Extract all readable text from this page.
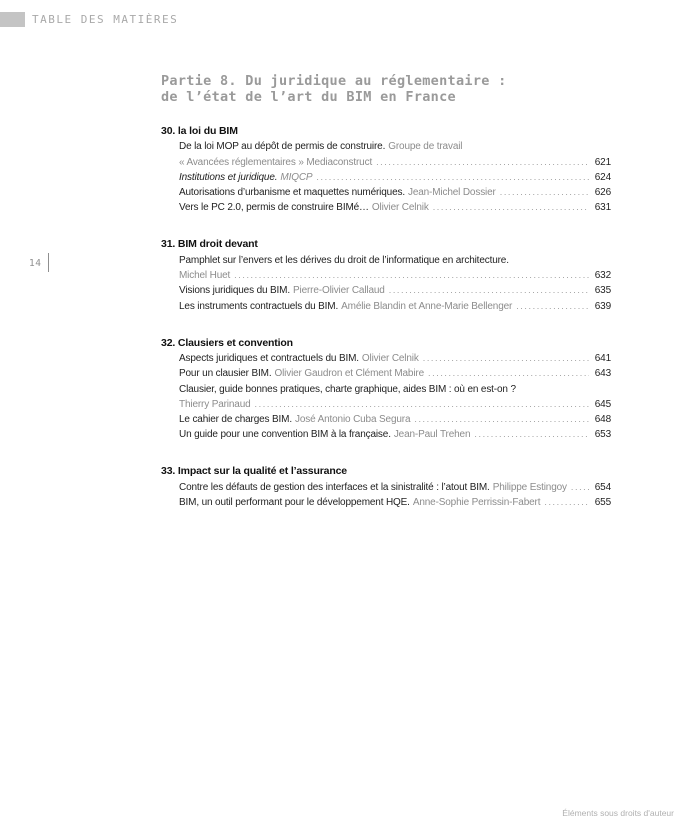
TABLE DES MATIÈRES
14
Partie 8. Du juridique au réglementaire :
de l’état de l’art du BIM en France
30. la loi du BIM
De la loi MOP au dépôt de permis de construire. Groupe de travail
« Avancées réglementaires » Mediaconstruct .....	621
Institutions et juridique. MIQCP .....	624
Autorisations d’urbanisme et maquettes numériques. Jean-Michel Dossier .....	626
Vers le PC 2.0, permis de construire BIMé… Olivier Celnik .....	631
31. BIM droit devant
Pamphlet sur l’envers et les dérives du droit de l’informatique en architecture.
Michel Huet .....	632
Visions juridiques du BIM. Pierre-Olivier Callaud .....	635
Les instruments contractuels du BIM. Amélie Blandin et Anne-Marie Bellenger .....	639
32. Clausiers et convention
Aspects juridiques et contractuels du BIM. Olivier Celnik .....	641
Pour un clausier BIM. Olivier Gaudron et Clément Mabire .....	643
Clausier, guide bonnes pratiques, charte graphique, aides BIM : où en est-on ?
Thierry Parinaud .....	645
Le cahier de charges BIM. José Antonio Cuba Segura .....	648
Un guide pour une convention BIM à la française. Jean-Paul Trehen .....	653
33. Impact sur la qualité et l’assurance
Contre les défauts de gestion des interfaces et la sinistralité : l’atout BIM. Philippe Estingoy .....	654
BIM, un outil performant pour le développement HQE. Anne-Sophie Perrissin-Fabert .....	655
Éléments sous droits d'auteur
